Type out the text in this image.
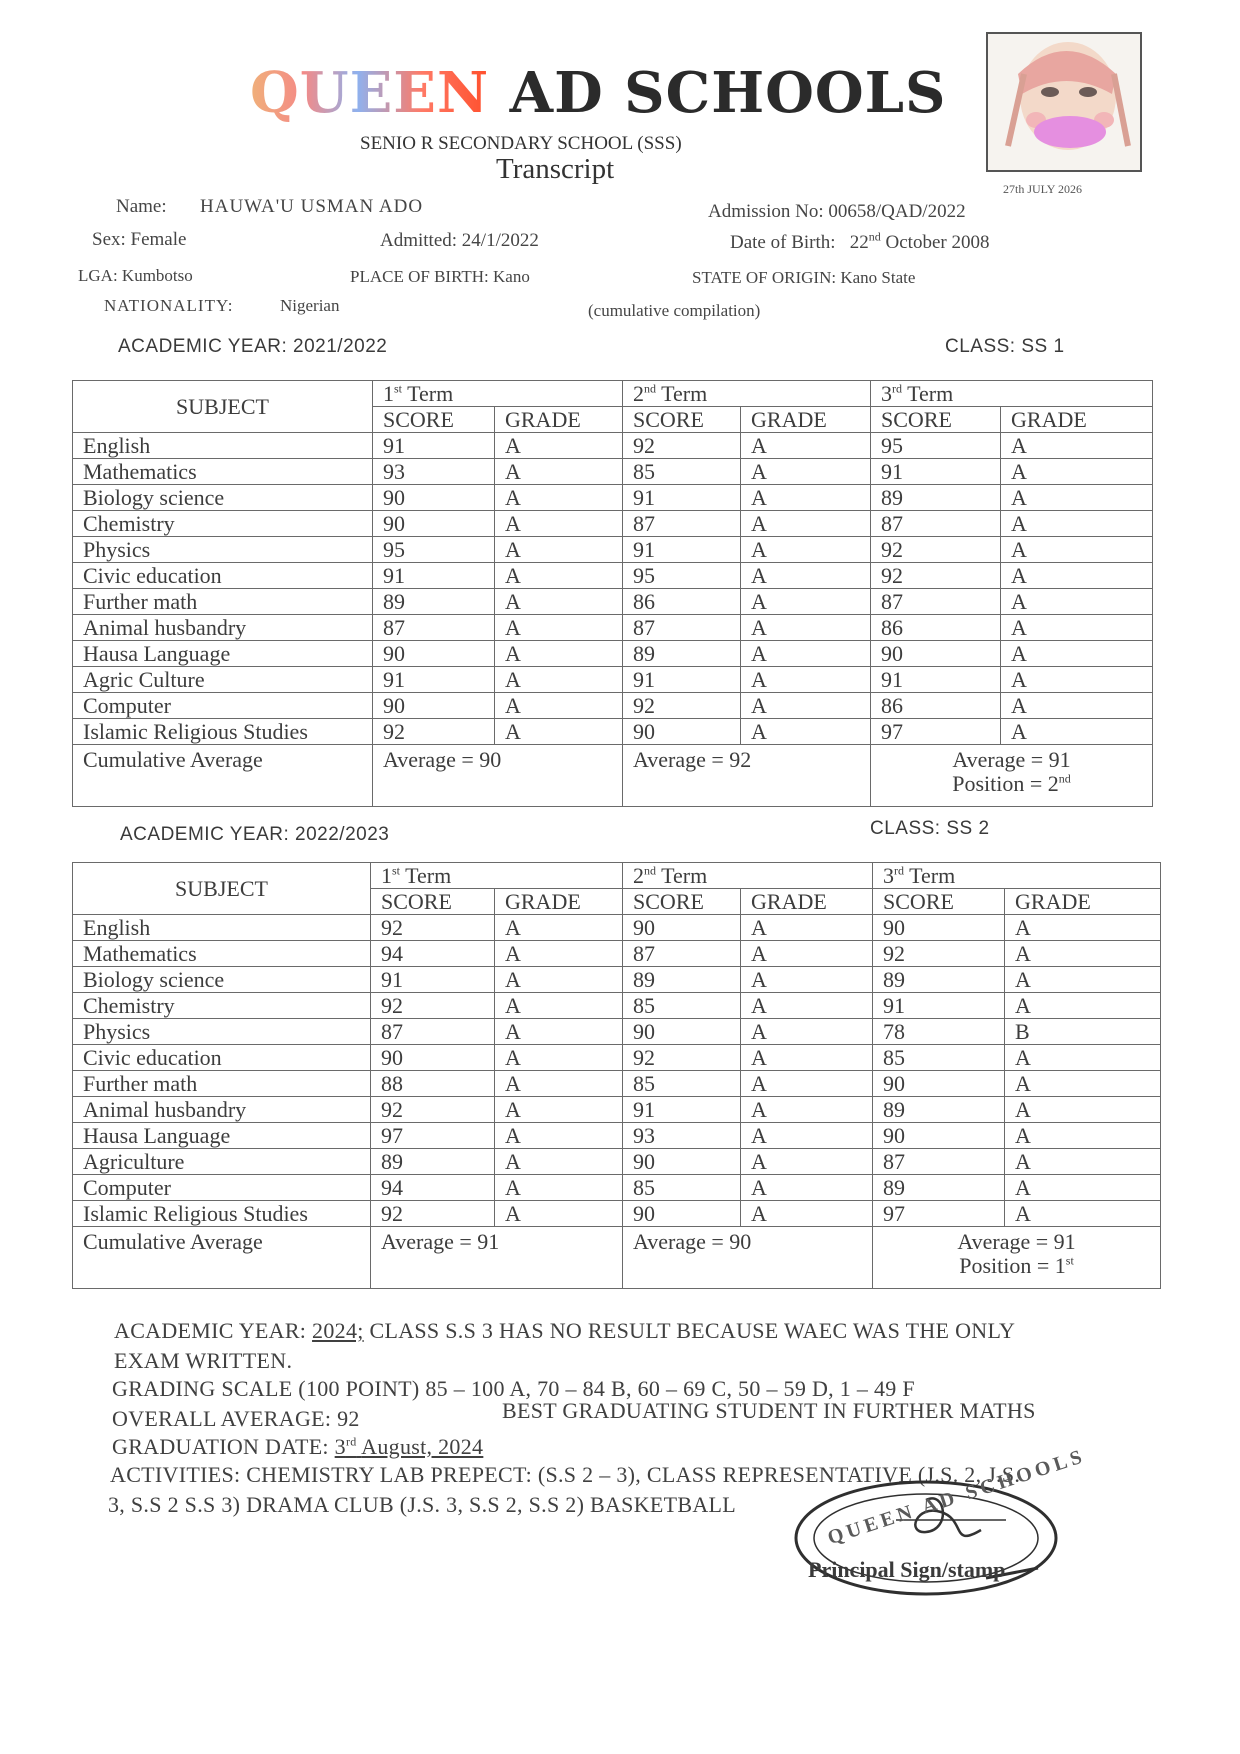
QUEEN AD SCHOOLS
SENIO R SECONDARY SCHOOL (SSS)
Transcript
27th JULY 2026
Name: HAUWA'U USMAN ADO	Admission No: 00658/QAD/2022
Sex: Female	Admitted: 24/1/2022	Date of Birth: 22nd October 2008
LGA: Kumbotso	PLACE OF BIRTH: Kano	STATE OF ORIGIN: Kano State
NATIONALITY:	Nigerian	(cumulative compilation)
ACADEMIC YEAR: 2021/2022	CLASS: SS 1
SUBJECT	1st Term		2nd Term		3rd Term	
	SCORE	GRADE	SCORE	GRADE	SCORE	GRADE
English	91	A	92	A	95	A
Mathematics	93	A	85	A	91	A
Biology science	90	A	91	A	89	A
Chemistry	90	A	87	A	87	A
Physics	95	A	91	A	92	A
Civic education	91	A	95	A	92	A
Further math	89	A	86	A	87	A
Animal husbandry	87	A	87	A	86	A
Hausa Language	90	A	89	A	90	A
Agric Culture	91	A	91	A	91	A
Computer	90	A	92	A	86	A
Islamic Religious Studies	92	A	90	A	97	A
Cumulative Average	Average = 90		Average = 92		Average = 91
Position = 2nd
ACADEMIC YEAR: 2022/2023	CLASS: SS 2
SUBJECT	1st Term		2nd Term		3rd Term	
	SCORE	GRADE	SCORE	GRADE	SCORE	GRADE
English	92	A	90	A	90	A
Mathematics	94	A	87	A	92	A
Biology science	91	A	89	A	89	A
Chemistry	92	A	85	A	91	A
Physics	87	A	90	A	78	B
Civic education	90	A	92	A	85	A
Further math	88	A	85	A	90	A
Animal husbandry	92	A	91	A	89	A
Hausa Language	97	A	93	A	90	A
Agriculture	89	A	90	A	87	A
Computer	94	A	85	A	89	A
Islamic Religious Studies	92	A	90	A	97	A
Cumulative Average	Average = 91		Average = 90		Average = 91
Position = 1st
ACADEMIC YEAR: 2024; CLASS S.S 3 HAS NO RESULT BECAUSE WAEC WAS THE ONLY
EXAM WRITTEN.
GRADING SCALE (100 POINT) 85 – 100 A, 70 – 84 B, 60 – 69 C, 50 – 59 D, 1 – 49 F
OVERALL AVERAGE: 92	BEST GRADUATING STUDENT IN FURTHER MATHS
GRADUATION DATE: 3rd August, 2024
ACTIVITIES: CHEMISTRY LAB PREPECT: (S.S 2 – 3), CLASS REPRESENTATIVE (J.S. 2, J.S.
3, S.S 2 S.S 3) DRAMA CLUB (J.S. 3, S.S 2, S.S 2) BASKETBALL	QUEEN AD SCHOOLS
Principal Sign/stamp
